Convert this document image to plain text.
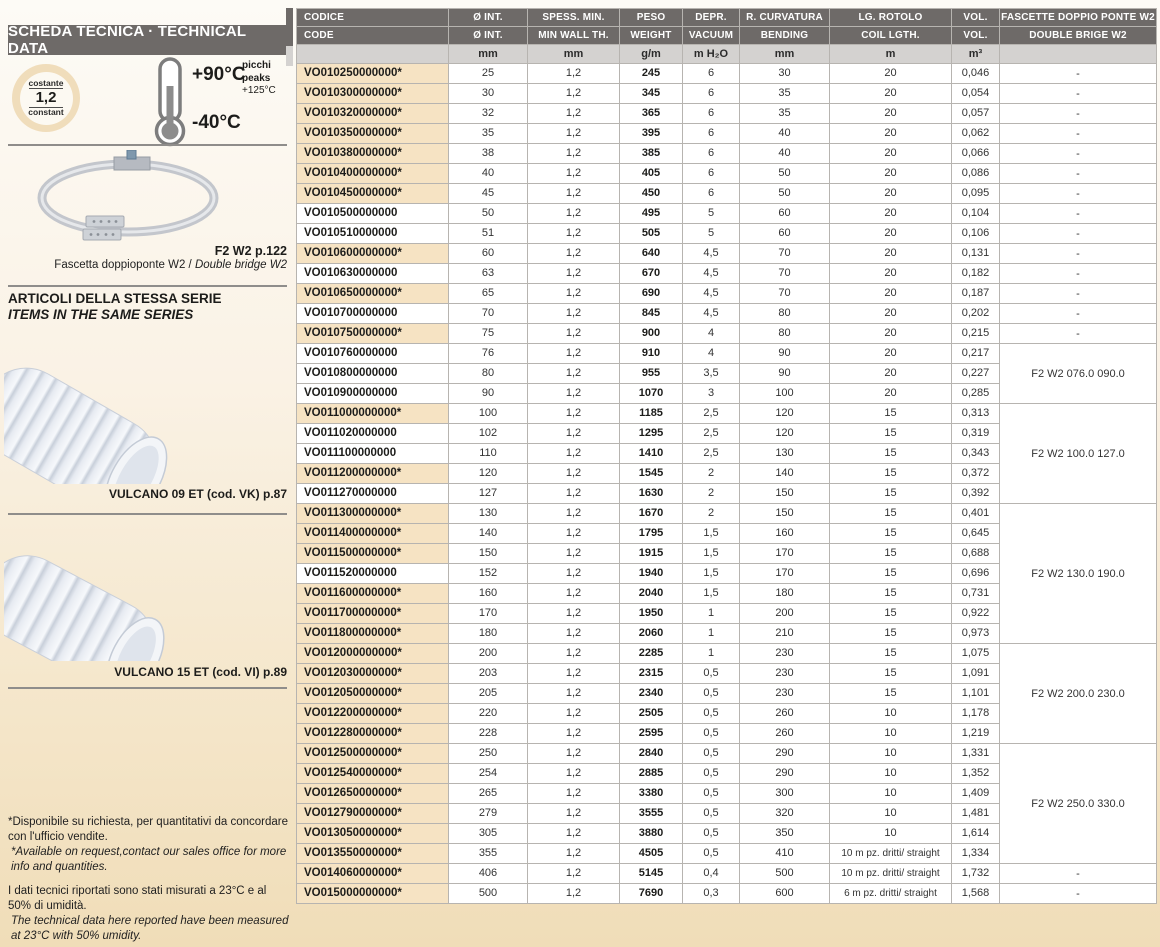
SCHEDA TECNICA · TECHNICAL DATA
costante
1,2
constant
+90°C
-40°C
picchi
peaks
+125°C
F2 W2 p.122
Fascetta doppioponte W2 / Double bridge W2
ARTICOLI DELLA STESSA SERIE
ITEMS IN THE SAME SERIES
VULCANO 09 ET (cod. VK) p.87
VULCANO 15 ET (cod. VI) p.89

*Disponibile su richiesta, per quantitativi da concordare con l'ufficio vendite.

*Available on request,contact our sales office for more info and quantities.

I dati tecnici riportati sono stati misurati a 23°C e al 50% di umidità.

The technical data here reported have been measured at 23°C with 50% umidity.

CODICE	Ø INT.	SPESS. MIN.	PESO	DEPR.	R. CURVATURA	LG. ROTOLO	VOL.	FASCETTE DOPPIO PONTE W2
CODE	Ø INT.	MIN WALL TH.	WEIGHT	VACUUM	BENDING	COIL LGTH.	VOL.	DOUBLE BRIGE W2
	mm	mm	g/m	m H₂O	mm	m	m³	
VO010250000000*	25	1,2	245	6	30	20	0,046	-
VO010300000000*	30	1,2	345	6	35	20	0,054	-
VO010320000000*	32	1,2	365	6	35	20	0,057	-
VO010350000000*	35	1,2	395	6	40	20	0,062	-
VO010380000000*	38	1,2	385	6	40	20	0,066	-
VO010400000000*	40	1,2	405	6	50	20	0,086	-
VO010450000000*	45	1,2	450	6	50	20	0,095	-
VO010500000000	50	1,2	495	5	60	20	0,104	-
VO010510000000	51	1,2	505	5	60	20	0,106	-
VO010600000000*	60	1,2	640	4,5	70	20	0,131	-
VO010630000000	63	1,2	670	4,5	70	20	0,182	-
VO010650000000*	65	1,2	690	4,5	70	20	0,187	-
VO010700000000	70	1,2	845	4,5	80	20	0,202	-
VO010750000000*	75	1,2	900	4	80	20	0,215	-
VO010760000000	76	1,2	910	4	90	20	0,217	F2 W2 076.0 090.0
VO010800000000	80	1,2	955	3,5	90	20	0,227	
VO010900000000	90	1,2	1070	3	100	20	0,285	
VO011000000000*	100	1,2	1185	2,5	120	15	0,313	F2 W2 100.0 127.0
VO011020000000	102	1,2	1295	2,5	120	15	0,319	
VO011100000000	110	1,2	1410	2,5	130	15	0,343	
VO011200000000*	120	1,2	1545	2	140	15	0,372	
VO011270000000	127	1,2	1630	2	150	15	0,392	
VO011300000000*	130	1,2	1670	2	150	15	0,401	F2 W2 130.0 190.0
VO011400000000*	140	1,2	1795	1,5	160	15	0,645	
VO011500000000*	150	1,2	1915	1,5	170	15	0,688	
VO011520000000	152	1,2	1940	1,5	170	15	0,696	
VO011600000000*	160	1,2	2040	1,5	180	15	0,731	
VO011700000000*	170	1,2	1950	1	200	15	0,922	
VO011800000000*	180	1,2	2060	1	210	15	0,973	
VO012000000000*	200	1,2	2285	1	230	15	1,075	F2 W2 200.0 230.0
VO012030000000*	203	1,2	2315	0,5	230	15	1,091	
VO012050000000*	205	1,2	2340	0,5	230	15	1,101	
VO012200000000*	220	1,2	2505	0,5	260	10	1,178	
VO012280000000*	228	1,2	2595	0,5	260	10	1,219	
VO012500000000*	250	1,2	2840	0,5	290	10	1,331	F2 W2 250.0 330.0
VO012540000000*	254	1,2	2885	0,5	290	10	1,352	
VO012650000000*	265	1,2	3380	0,5	300	10	1,409	
VO012790000000*	279	1,2	3555	0,5	320	10	1,481	
VO013050000000*	305	1,2	3880	0,5	350	10	1,614	
VO013550000000*	355	1,2	4505	0,5	410	10 m pz. dritti/ straight	1,334	
VO014060000000*	406	1,2	5145	0,4	500	10 m pz. dritti/ straight	1,732	-
VO015000000000*	500	1,2	7690	0,3	600	6 m pz. dritti/ straight	1,568	-
